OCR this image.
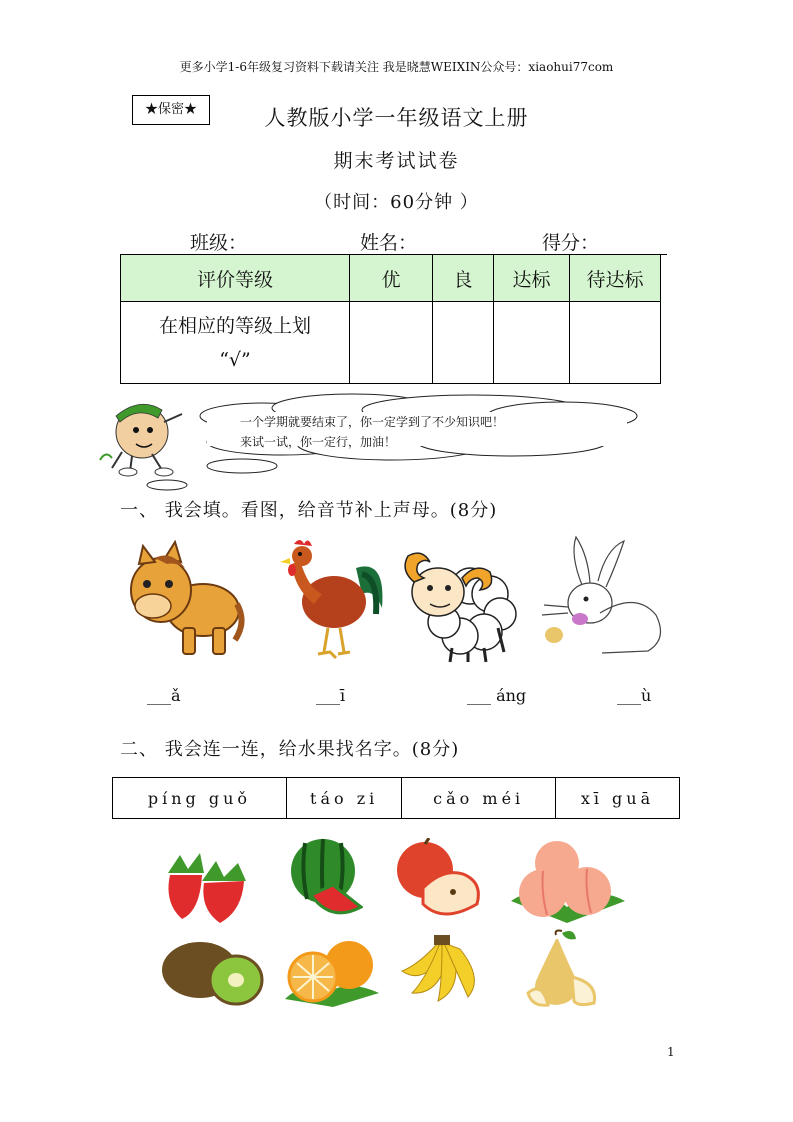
更多小学1-6年级复习资料下载请关注 我是晓慧WEIXIN公众号：xiaohui77com
★保密★	人教版小学一年级语文上册
期末考试试卷
（时间：60分钟 ）
班级：	姓名：	得分：
评价等级	优	良	达标	待达标

在相应的等级上划
“√”				

一个学期就要结束了，你一定学到了不少知识吧！
来试一试，你一定行，加油！
一、 我会填。看图，给音节补上声母。(8分)
___ǎ	___ī	___ áng	___ù
二、 我会连一连，给水果找名字。(8分)
píng guǒ	táo zi	cǎo méi	xī guā
1
